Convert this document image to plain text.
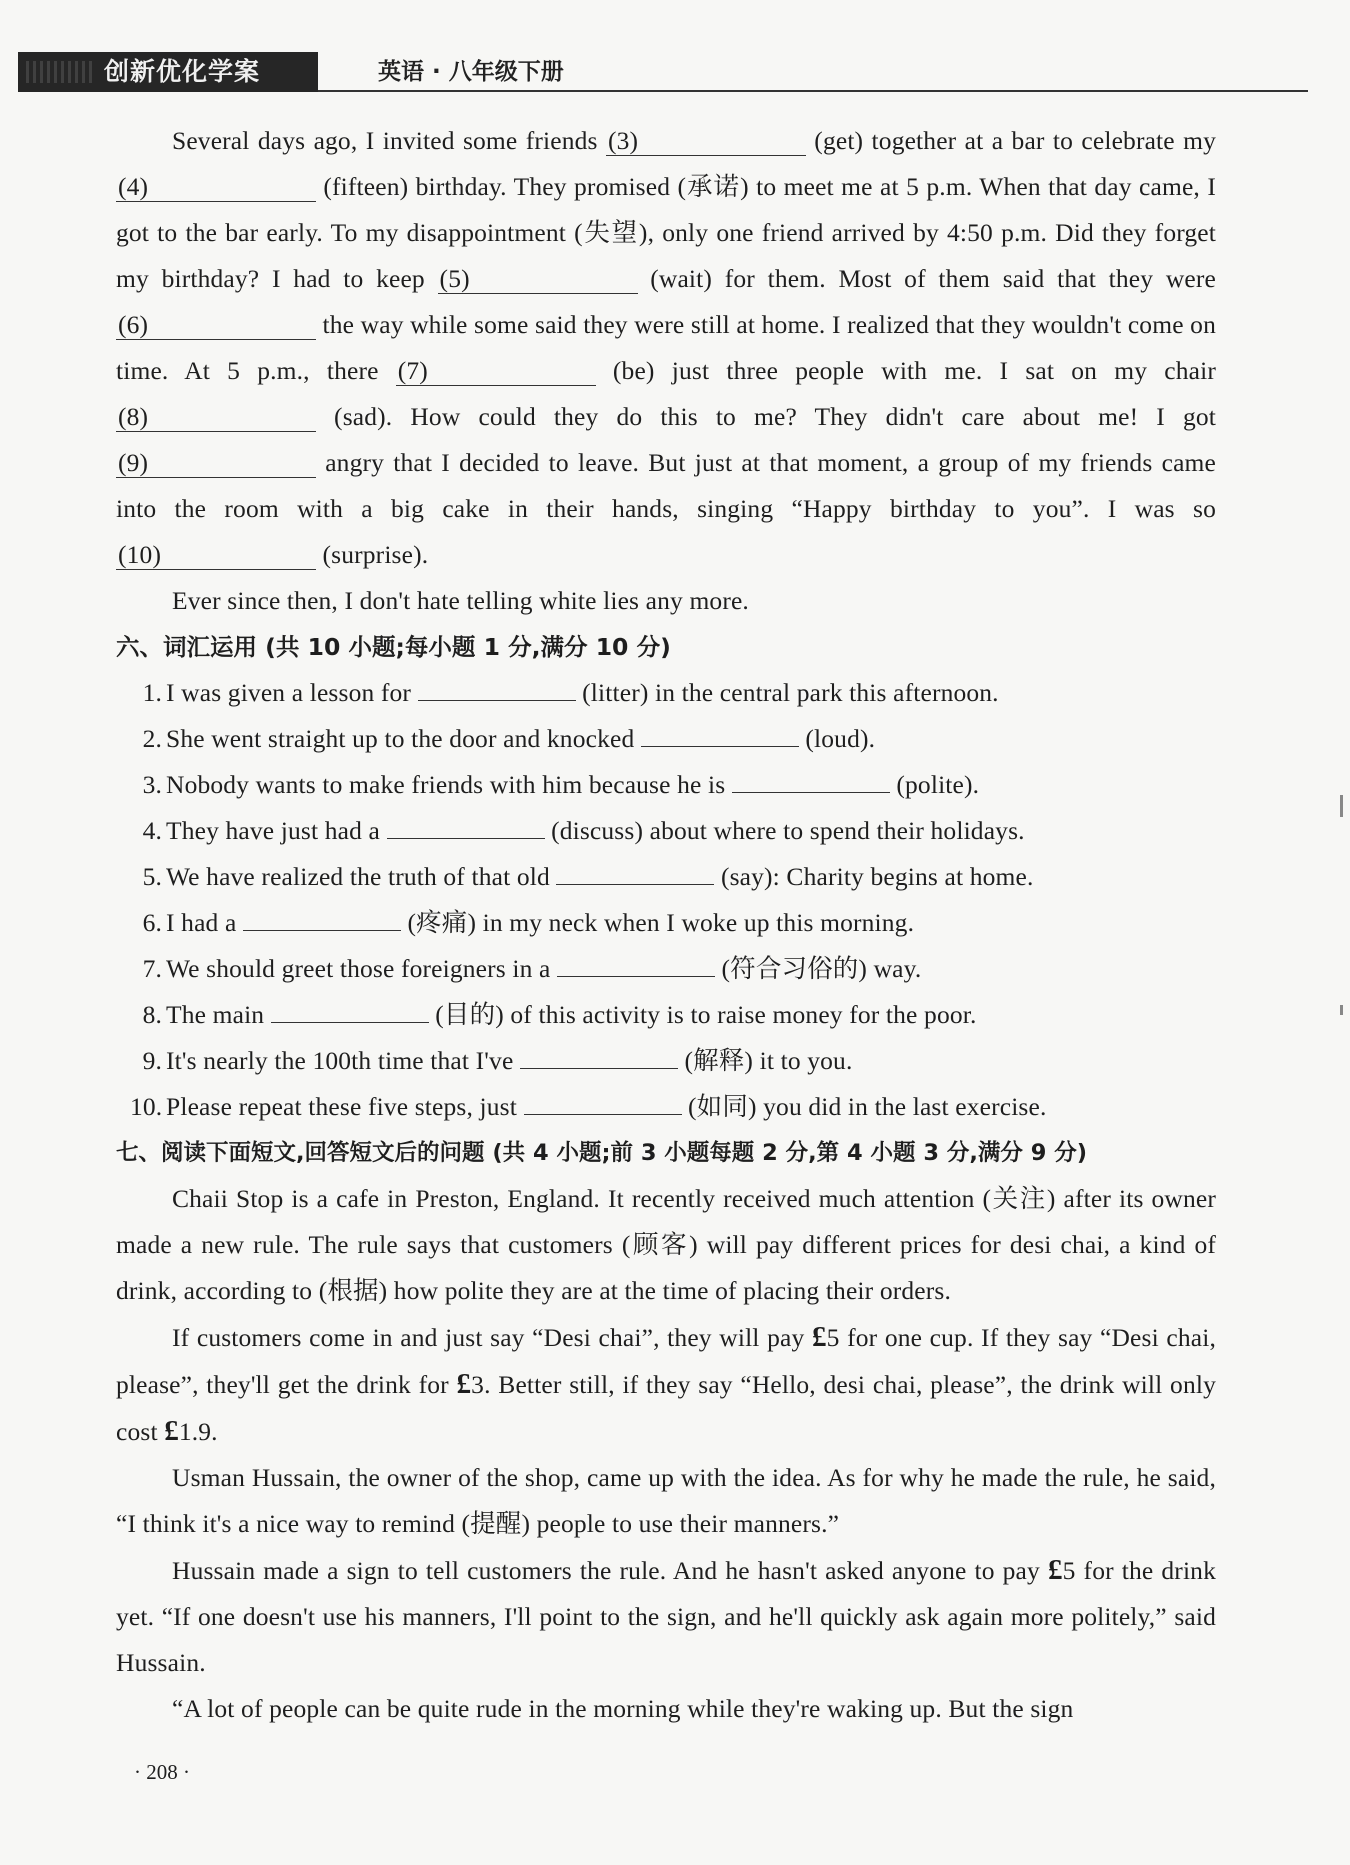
创新优化学案	英语 · 八年级下册

Several days ago, I invited some friends (3)	(get) together at a bar to celebrate my (4)	(fifteen) birthday. They promised (承诺) to meet me at 5 p.m. When that day came, I got to the bar early. To my disappointment (失望), only one friend arrived by 4:50 p.m. Did they forget my birthday? I had to keep (5)	(wait) for them. Most of them said that they were (6)	the way while some said they were still at home. I realized that they wouldn't come on time. At 5 p.m., there (7)	(be) just three people with me. I sat on my chair (8)	(sad). How could they do this to me? They didn't care about me! I got (9)	angry that I decided to leave. But just at that moment, a group of my friends came into the room with a big cake in their hands, singing “Happy birthday to you”. I was so (10)	(surprise).

Ever since then, I don't hate telling white lies any more.

六、词汇运用 (共 10 小题;每小题 1 分,满分 10 分)

1. I was given a lesson for	(litter) in the central park this afternoon.
2. She went straight up to the door and knocked	(loud).
3. Nobody wants to make friends with him because he is	(polite).
4. They have just had a	(discuss) about where to spend their holidays.
5. We have realized the truth of that old	(say): Charity begins at home.
6. I had a	(疼痛) in my neck when I woke up this morning.
7. We should greet those foreigners in a	(符合习俗的) way.
8. The main	(目的) of this activity is to raise money for the poor.
9. It's nearly the 100th time that I've	(解释) it to you.
10. Please repeat these five steps, just	(如同) you did in the last exercise.

七、阅读下面短文,回答短文后的问题 (共 4 小题;前 3 小题每题 2 分,第 4 小题 3 分,满分 9 分)

Chaii Stop is a cafe in Preston, England. It recently received much attention (关注) after its owner made a new rule. The rule says that customers (顾客) will pay different prices for desi chai, a kind of drink, according to (根据) how polite they are at the time of placing their orders.

If customers come in and just say “Desi chai”, they will pay £5 for one cup. If they say “Desi chai, please”, they'll get the drink for £3. Better still, if they say “Hello, desi chai, please”, the drink will only cost £1.9.

Usman Hussain, the owner of the shop, came up with the idea. As for why he made the rule, he said, “I think it's a nice way to remind (提醒) people to use their manners.”

Hussain made a sign to tell customers the rule. And he hasn't asked anyone to pay £5 for the drink yet. “If one doesn't use his manners, I'll point to the sign, and he'll quickly ask again more politely,” said Hussain.

“A lot of people can be quite rude in the morning while they're waking up. But the sign

· 208 ·
